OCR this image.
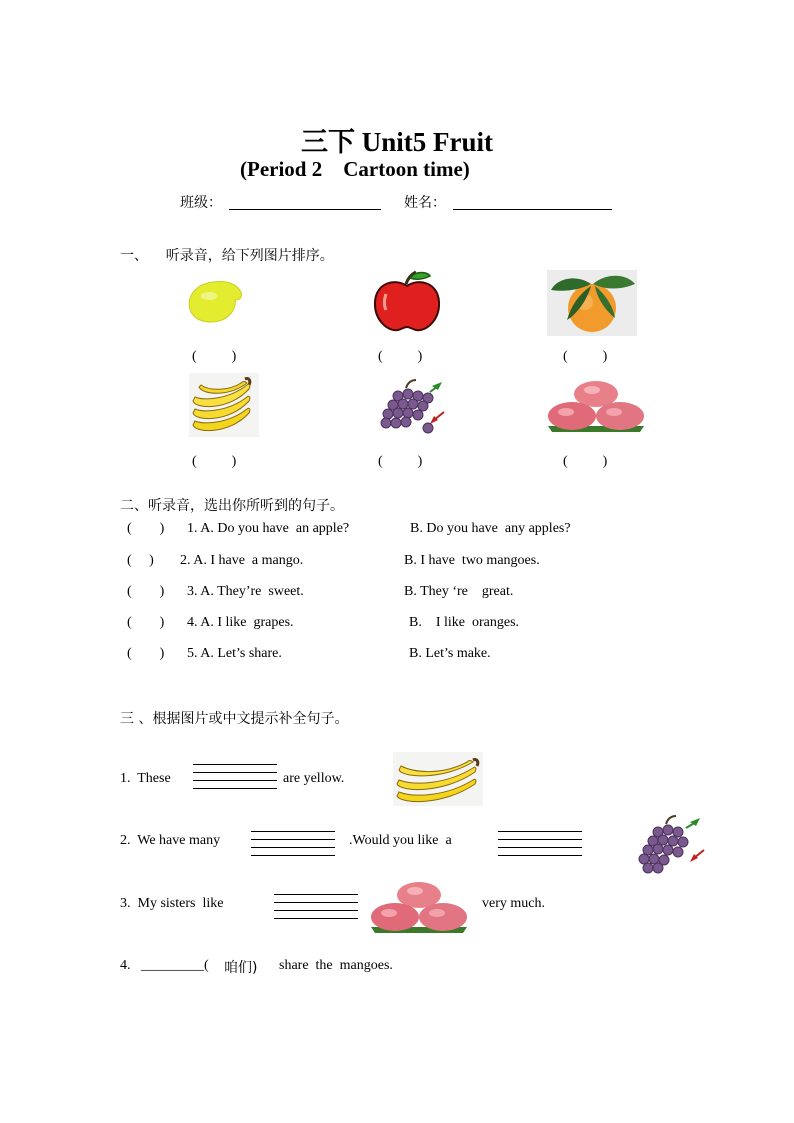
三下 Unit5 Fruit
(Period 2    Cartoon time)
班级：	姓名：
一、    听录音，给下列图片排序。
(          )	(          )	(          )
(          )	(          )	(          )
二、听录音，选出你所听到的句子。
(        ) 1. A. Do you have  an apple?	B. Do you have  any apples?
(     ) 2. A. I have  a mango.	B. I have  two mangoes.
(        ) 3. A. They’re  sweet.	B. They ‘re    great.
(        ) 4. A. I like  grapes.	B.    I like  oranges.
(        ) 5. A. Let’s share.	B. Let’s make.
三 、根据图片或中文提示补全句子。
1.  These	are yellow.
2.  We have many	.Would you like  a
3.  My sisters  like	very much.
4. _________( 咱们) share  the  mangoes.
